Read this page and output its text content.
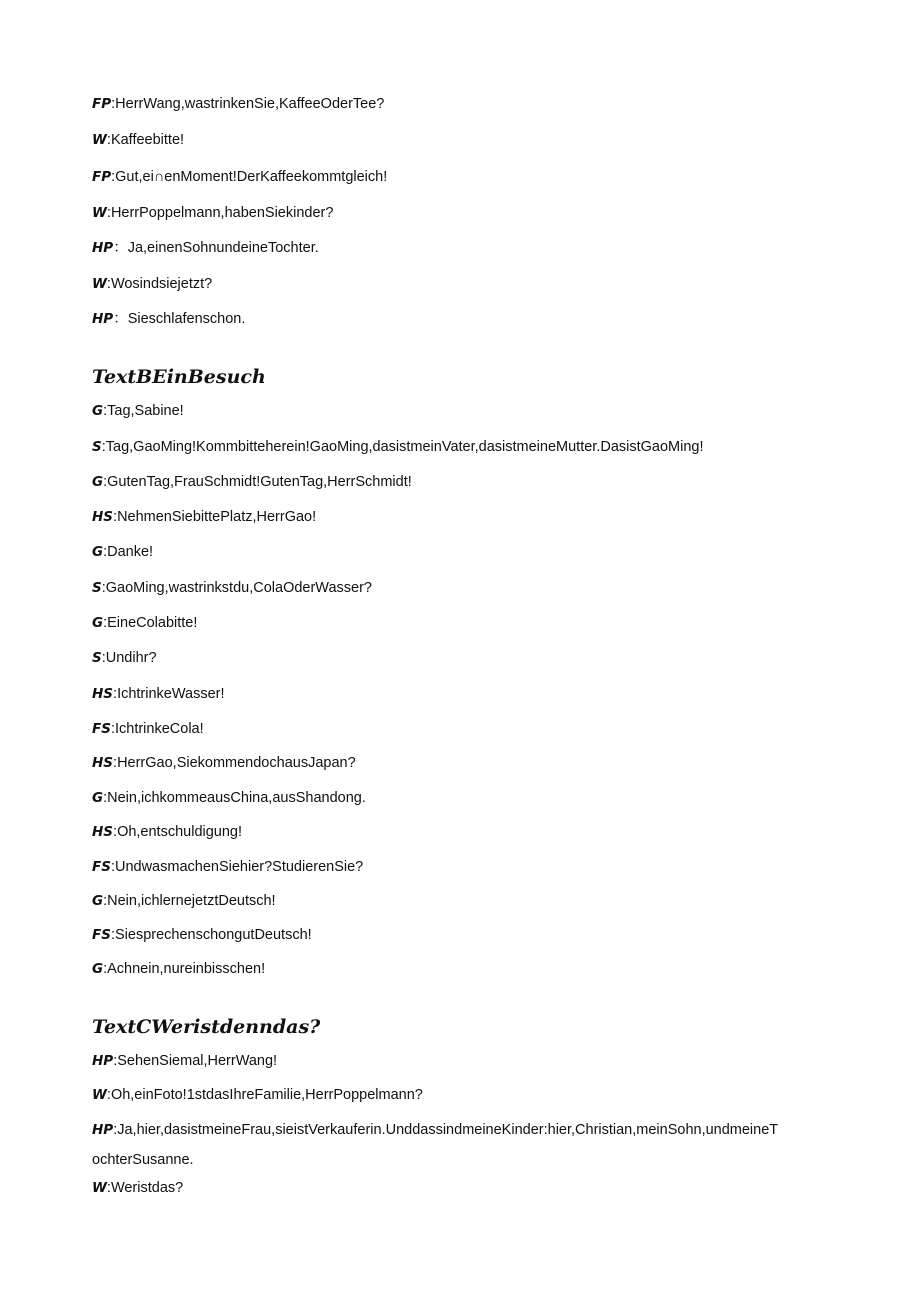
FP:HerrWang,wastrinkenSie,KaffeeOderTee?
W:Kaffeebitte!
FP:Gut,ei∩enMoment!DerKaffeekommtgleich!
W:HerrPoppelmann,habenSiekinder?
HP：Ja,einenSohnundeineTochter.
W:Wosindsiejetzt?
HP：Sieschlafenschon.
TextBEinBesuch
G:Tag,Sabine!
S:Tag,GaoMing!Kommbitteherein!GaoMing,dasistmeinVater,dasistmeineMutter.DasistGaoMing!
G:GutenTag,FrauSchmidt!GutenTag,HerrSchmidt!
HS:NehmenSiebittePlatz,HerrGao!
G:Danke!
S:GaoMing,wastrinkstdu,ColaOderWasser?
G:EineColabitte!
S:Undihr?
HS:IchtrinkeWasser!
FS:IchtrinkeCola!
HS:HerrGao,SiekommendochausJapan?
G:Nein,ichkommeausChina,ausShandong.
HS:Oh,entschuldigung!
FS:UndwasmachenSiehier?StudierenSie?
G:Nein,ichlernejetztDeutsch!
FS:SiesprechenschongutDeutsch!
G:Achnein,nureinbisschen!
TextCWeristdenndas?
HP:SehenSiemal,HerrWang!
W:Oh,einFoto!1stdasIhreFamilie,HerrPoppelmann?
HP:Ja,hier,dasistmeineFrau,sieistVerkauferin.UnddassindmeineKinder:hier,Christian,meinSohn,undmeineT
ochterSusanne.
W:Weristdas?
